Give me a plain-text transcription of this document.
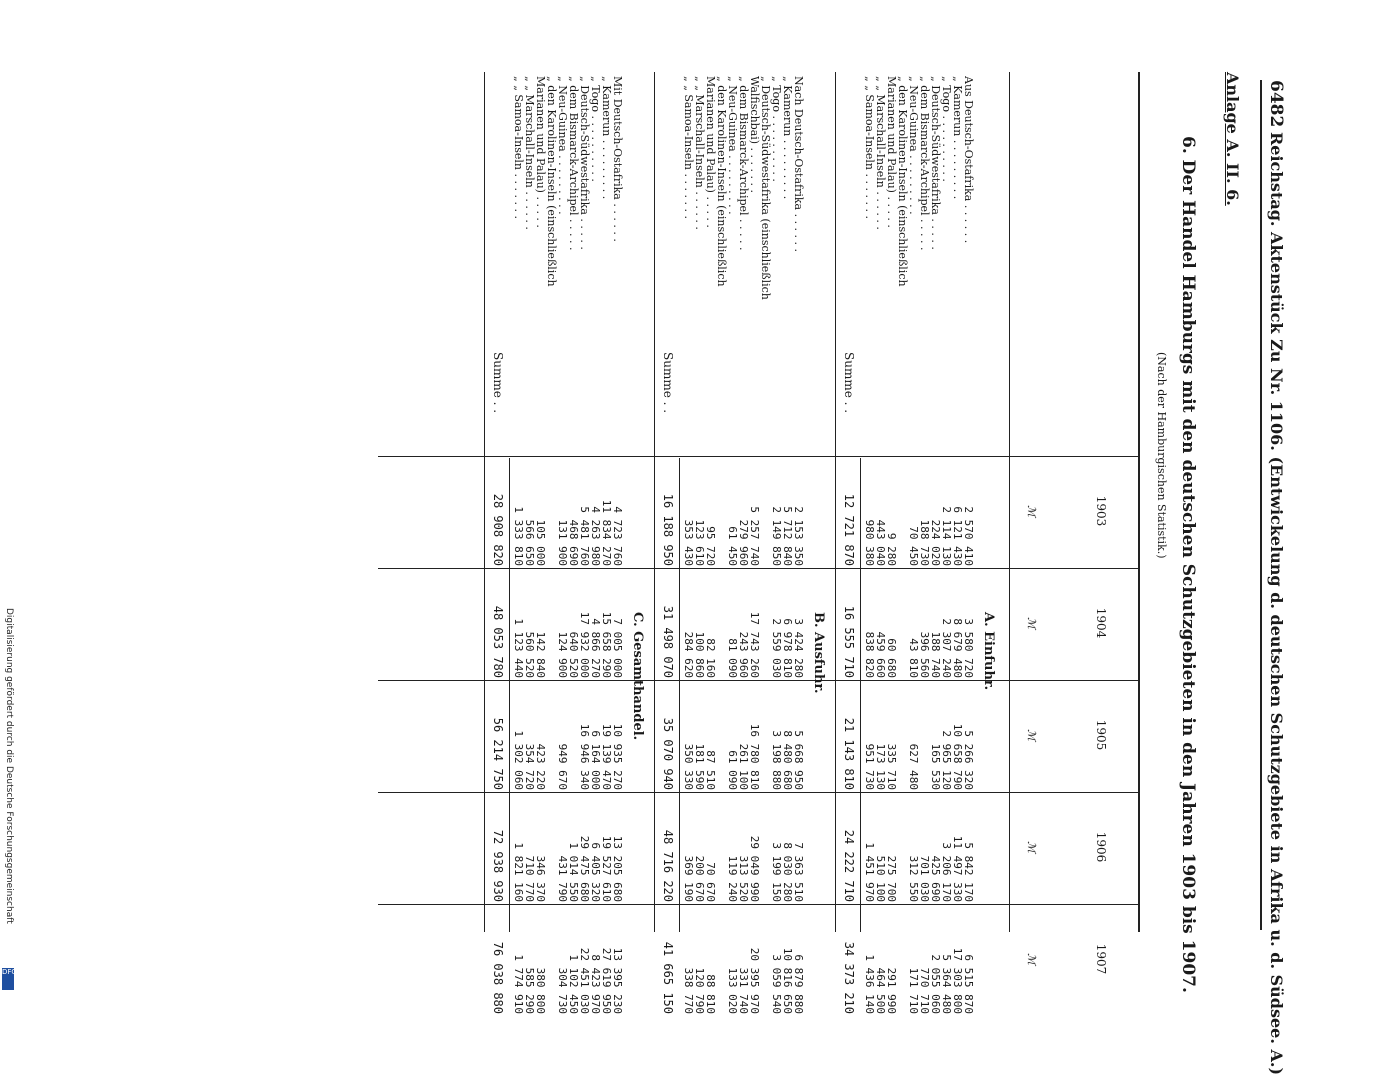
Digitalisierung gefördert durch die Deutsche Forschungsgemeinschaft
DFG
6482
Reichstag. Aktenstück Zu Nr. 1106. (Entwickelung d. deutschen Schutzgebiete in Afrika u. d. Südsee. A.)
Anlage A. II. 6.
6. Der Handel Hamburgs mit den deutschen Schutzgebieten in den Jahren 1903 bis 1907.
(Nach der Hamburgischen Statistik.)
1903
ℳ
1904
ℳ
1905
ℳ
1906
ℳ
1907
ℳ
A. Einfuhr.
Aus Deutsch-Ostafrika . . . . . .
2 570 410
3 580 720
5 266 320
5 842 170
6 515 870
„ Kamerun . . . . . . . . .
6 121 430
8 679 480
10 658 790
11 497 330
17 303 800
„ Togo . . . . . . . . . .
2 114 130
2 307 240
2 965 120
3 206 170
5 364 480
„ Deutsch-Südwestafrika . . . . .
224 020
188 740
165 530
425 690
2 055 060
„ dem Bismarck-Archipel . . . . .
188 730
396 560
701 030
770 710
„ Neu-Guinea . . . . . . . . .
70 450
43 810
627 480
312 550
171 710
„ den Karolinen-Inseln (einschließlich
Marianen und Palau) . . . . .
9 280
60 680
335 710
275 700
291 990
„ „ Marschall-Inseln . . . . . .
443 040
459 660
173 130
510 100
464 500
„ „ Samoa-Inseln . . . . . . .
980 380
838 820
951 730
1 451 970
1 436 140
Summe . .
12 721 870
16 555 710
21 143 810
24 222 710
34 373 210
B. Ausfuhr.
Nach Deutsch-Ostafrika . . . . . .
2 153 350
3 424 280
5 668 950
7 363 510
6 879 880
„ Kamerun . . . . . . . . .
5 712 840
6 978 810
8 480 680
8 030 280
10 816 650
„ Togo . . . . . . . . . .
2 149 850
2 559 030
3 198 880
3 199 150
3 059 540
„ Deutsch-Südwestafrika (einschließlich
Walfischbai) . . . . . . .
5 257 740
17 743 260
16 780 810
29 049 990
20 395 970
„ dem Bismarck-Archipel . . . . .
279 960
243 960
261 100
313 520
331 740
„ Neu-Guinea . . . . . . . . .
61 450
81 090
61 090
119 240
133 020
„ den Karolinen-Inseln (einschließlich
Marianen und Palau) . . . . .
95 720
82 160
87 510
70 670
88 810
„ „ Marschall-Inseln . . . . . .
123 610
100 860
181 590
200 670
120 790
„ „ Samoa-Inseln . . . . . . .
353 430
284 620
350 330
369 190
338 770
Summe . .
16 188 950
31 498 070
35 070 940
48 716 220
41 665 150
C. Gesamthandel.
Mit Deutsch-Ostafrika . . . . . .
4 723 760
7 005 000
10 935 270
13 205 680
13 395 230
„ Kamerun . . . . . . . . .
11 834 270
15 658 290
19 139 470
19 527 610
27 619 950
„ Togo . . . . . . . . . .
4 263 980
4 866 270
6 164 000
6 405 320
8 423 970
„ Deutsch-Südwestafrika . . . . .
5 481 760
17 932 000
16 946 340
29 475 680
22 451 030
„ dem Bismarck-Archipel . . . . .
468 690
640 520
1 014 550
1 102 450
„ Neu-Guinea . . . . . . . . .
131 900
124 900
949 670
431 790
304 730
„ den Karolinen-Inseln (einschließlich
Marianen und Palau) . . . . .
105 000
142 840
423 220
346 370
380 800
„ „ Marschall-Inseln . . . . . .
566 650
560 520
354 720
710 770
585 290
„ „ Samoa-Inseln . . . . . . .
1 333 810
1 123 440
1 302 060
1 821 160
1 774 910
Summe . .
28 908 820
48 053 780
56 214 750
72 938 930
76 038 880
